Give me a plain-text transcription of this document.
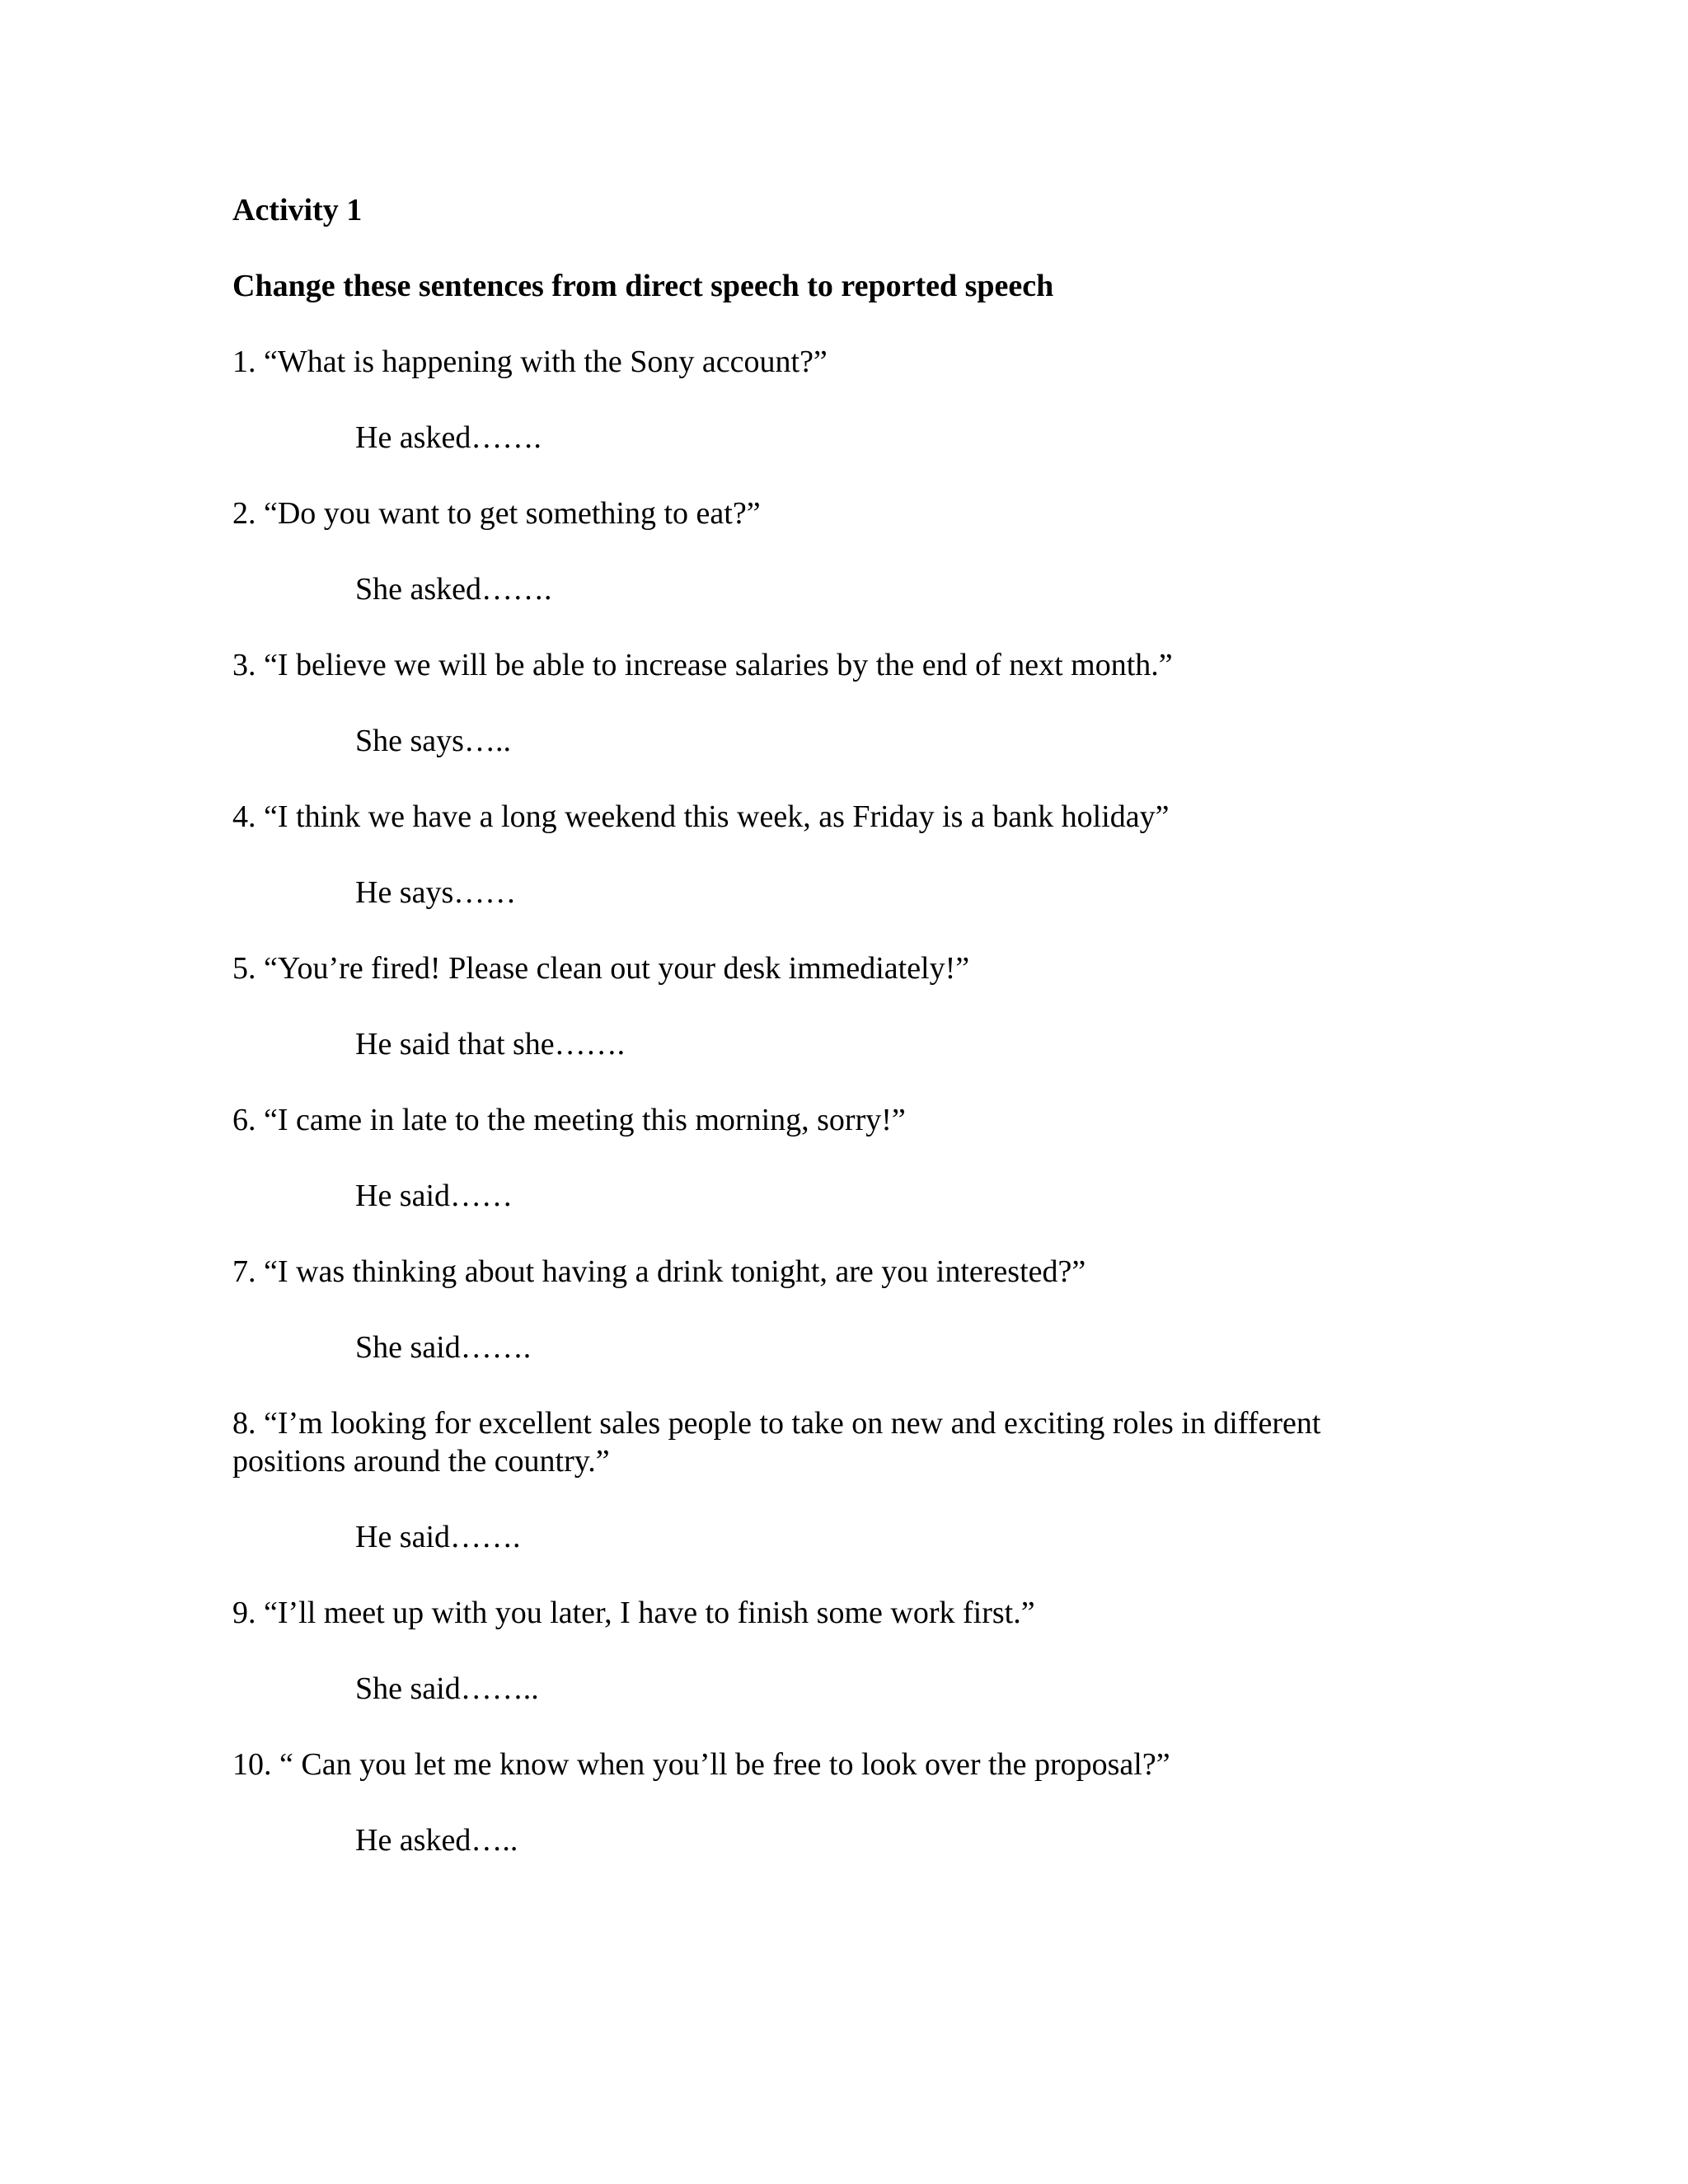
Activity 1
Change these sentences from direct speech to reported speech
1. “What is happening with the Sony account?”
He asked…….
2. “Do you want to get something to eat?”
She asked…….
3. “I believe we will be able to increase salaries by the end of next month.”
She says…..
4. “I think we have a long weekend this week, as Friday is a bank holiday”
He says……
5. “You’re fired! Please clean out your desk immediately!”
He said that she…….
6. “I came in late to the meeting this morning, sorry!”
He said……
7. “I was thinking about having a drink tonight, are you interested?”
She said…….
8. “I’m looking for excellent sales people to take on new and exciting roles in different positions around the country.”
He said…….
9. “I’ll meet up with you later, I have to finish some work first.”
She said……..
10. “ Can you let me know when you’ll be free to look over the proposal?”
He asked…..
